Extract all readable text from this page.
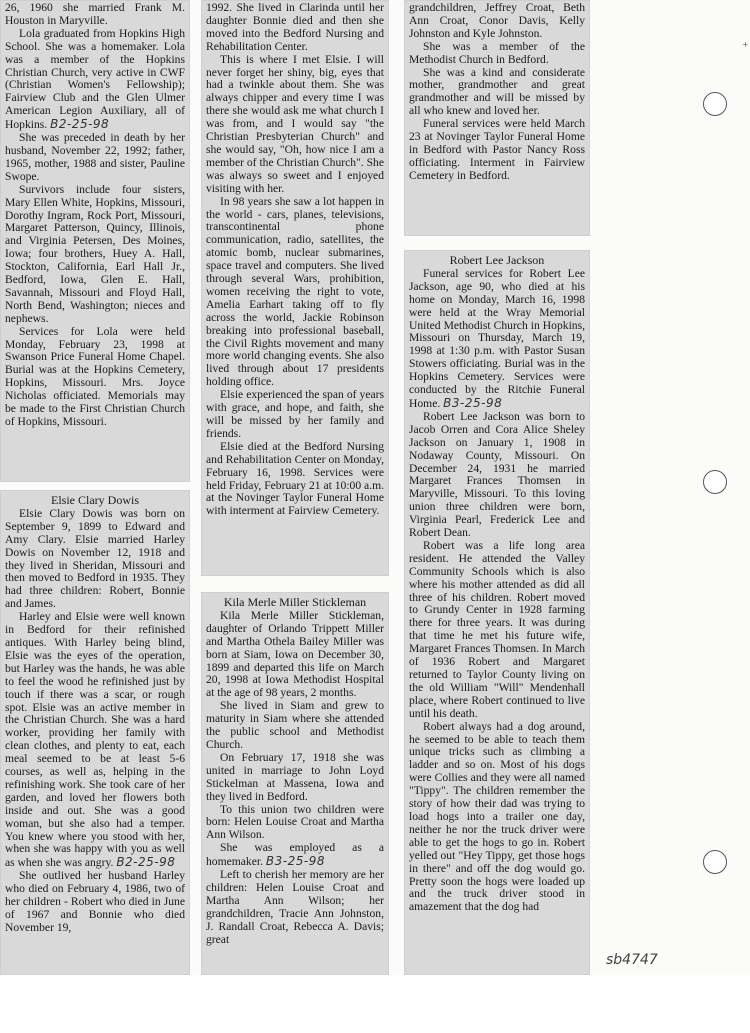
26, 1960 she married Frank M. Houston in Maryville.

Lola graduated from Hopkins High School. She was a homemaker. Lola was a member of the Hopkins Christian Church, very active in CWF (Christian Women's Fellowship); Fairview Club and the Glen Ulmer American Legion Auxiliary, all of Hopkins. B2-25-98

She was preceded in death by her husband, November 22, 1992; father, 1965, mother, 1988 and sister, Pauline Swope.

Survivors include four sisters, Mary Ellen White, Hopkins, Missouri, Dorothy Ingram, Rock Port, Missouri, Margaret Patterson, Quincy, Illinois, and Virginia Petersen, Des Moines, Iowa; four brothers, Huey A. Hall, Stockton, California, Earl Hall Jr., Bedford, Iowa, Glen E. Hall, Savannah, Missouri and Floyd Hall, North Bend, Washington; nieces and nephews.

Services for Lola were held Monday, February 23, 1998 at Swanson Price Funeral Home Chapel. Burial was at the Hopkins Cemetery, Hopkins, Missouri. Mrs. Joyce Nicholas officiated. Memorials may be made to the First Christian Church of Hopkins, Missouri.

Elsie Clary Dowis

Elsie Clary Dowis was born on September 9, 1899 to Edward and Amy Clary. Elsie married Harley Dowis on November 12, 1918 and they lived in Sheridan, Missouri and then moved to Bedford in 1935. They had three children: Robert, Bonnie and James.

Harley and Elsie were well known in Bedford for their refinished antiques. With Harley being blind, Elsie was the eyes of the operation, but Harley was the hands, he was able to feel the wood he refinished just by touch if there was a scar, or rough spot. Elsie was an active member in the Christian Church. She was a hard worker, providing her family with clean clothes, and plenty to eat, each meal seemed to be at least 5-6 courses, as well as, helping in the refinishing work. She took care of her garden, and loved her flowers both inside and out. She was a good woman, but she also had a temper. You knew where you stood with her, when she was happy with you as well as when she was angry. B2-25-98

She outlived her husband Harley who died on February 4, 1986, two of her children - Robert who died in June of 1967 and Bonnie who died November 19,

1992. She lived in Clarinda until her daughter Bonnie died and then she moved into the Bedford Nursing and Rehabilitation Center.

This is where I met Elsie. I will never forget her shiny, big, eyes that had a twinkle about them. She was always chipper and every time I was there she would ask me what church I was from, and I would say "the Christian Presbyterian Church" and she would say, "Oh, how nice I am a member of the Christian Church". She was always so sweet and I enjoyed visiting with her.

In 98 years she saw a lot happen in the world - cars, planes, televisions, transcontinental phone communication, radio, satellites, the atomic bomb, nuclear submarines, space travel and computers. She lived through several Wars, prohibition, women receiving the right to vote, Amelia Earhart taking off to fly across the world, Jackie Robinson breaking into professional baseball, the Civil Rights movement and many more world changing events. She also lived through about 17 presidents holding office.

Elsie experienced the span of years with grace, and hope, and faith, she will be missed by her family and friends.

Elsie died at the Bedford Nursing and Rehabilitation Center on Monday, February 16, 1998. Services were held Friday, February 21 at 10:00 a.m. at the Novinger Taylor Funeral Home with interment at Fairview Cemetery.

Kila Merle Miller Stickleman

Kila Merle Miller Stickleman, daughter of Orlando Trippett Miller and Martha Othela Bailey Miller was born at Siam, Iowa on December 30, 1899 and departed this life on March 20, 1998 at Iowa Methodist Hospital at the age of 98 years, 2 months.

She lived in Siam and grew to maturity in Siam where she attended the public school and Methodist Church.

On February 17, 1918 she was united in marriage to John Loyd Stickelman at Massena, Iowa and they lived in Bedford.

To this union two children were born: Helen Louise Croat and Martha Ann Wilson.

She was employed as a homemaker. B3-25-98

Left to cherish her memory are her children: Helen Louise Croat and Martha Ann Wilson; her grandchildren, Tracie Ann Johnston, J. Randall Croat, Rebecca A. Davis; great

grandchildren, Jeffrey Croat, Beth Ann Croat, Conor Davis, Kelly Johnston and Kyle Johnston.

She was a member of the Methodist Church in Bedford.

She was a kind and considerate mother, grandmother and great grandmother and will be missed by all who knew and loved her.

Funeral services were held March 23 at Novinger Taylor Funeral Home in Bedford with Pastor Nancy Ross officiating. Interment in Fairview Cemetery in Bedford.

Robert Lee Jackson

Funeral services for Robert Lee Jackson, age 90, who died at his home on Monday, March 16, 1998 were held at the Wray Memorial United Methodist Church in Hopkins, Missouri on Thursday, March 19, 1998 at 1:30 p.m. with Pastor Susan Stowers officiating. Burial was in the Hopkins Cemetery. Services were conducted by the Ritchie Funeral Home. B3-25-98

Robert Lee Jackson was born to Jacob Orren and Cora Alice Sheley Jackson on January 1, 1908 in Nodaway County, Missouri. On December 24, 1931 he married Margaret Frances Thomsen in Maryville, Missouri. To this loving union three children were born, Virginia Pearl, Frederick Lee and Robert Dean.

Robert was a life long area resident. He attended the Valley Community Schools which is also where his mother attended as did all three of his children. Robert moved to Grundy Center in 1928 farming there for three years. It was during that time he met his future wife, Margaret Frances Thomsen. In March of 1936 Robert and Margaret returned to Taylor County living on the old William "Will" Mendenhall place, where Robert continued to live until his death.

Robert always had a dog around, he seemed to be able to teach them unique tricks such as climbing a ladder and so on. Most of his dogs were Collies and they were all named "Tippy". The children remember the story of how their dad was trying to load hogs into a trailer one day, neither he nor the truck driver were able to get the hogs to go in. Robert yelled out "Hey Tippy, get those hogs in there" and off the dog would go. Pretty soon the hogs were loaded up and the truck driver stood in amazement that the dog had

+
sb4747
